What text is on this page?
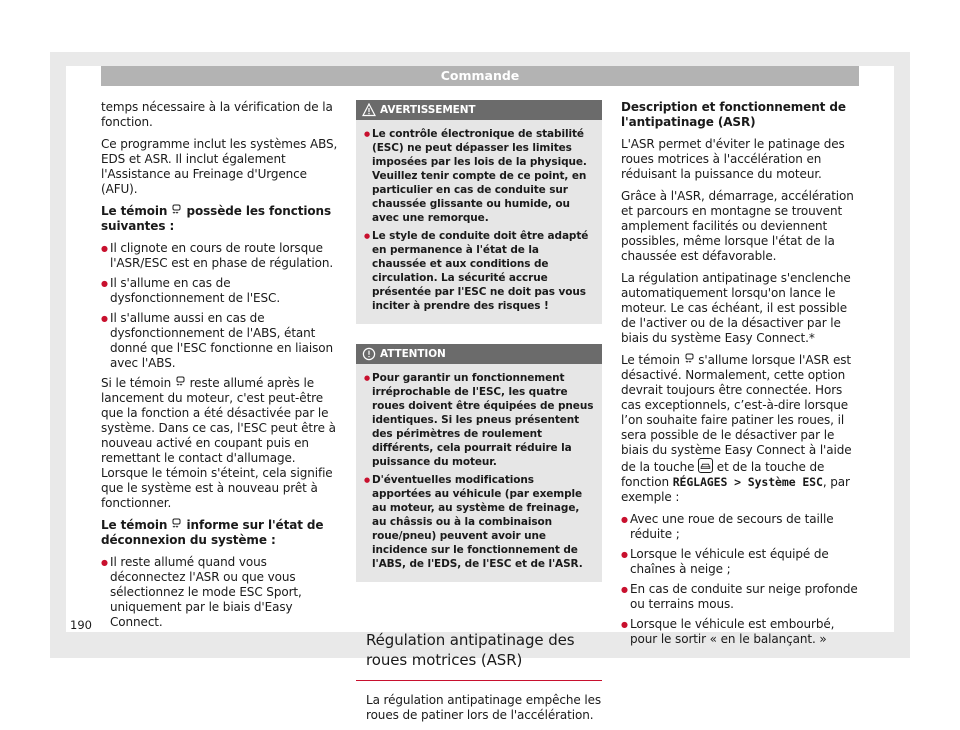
Commande

temps nécessaire à la vérification de la fonction.

Ce programme inclut les systèmes ABS, EDS et ASR. Il inclut également l'Assistance au Freinage d'Urgence (AFU).

Le témoin possède les fonctions suivantes :

● Il clignote en cours de route lorsque l'ASR/ESC est en phase de régulation.
● Il s'allume en cas de dysfonctionnement de l'ESC.
● Il s'allume aussi en cas de dysfonctionnement de l'ABS, étant donné que l'ESC fonctionne en liaison avec l'ABS.

Si le témoin reste allumé après le lancement du moteur, c'est peut-être que la fonction a été désactivée par le système. Dans ce cas, l'ESC peut être à nouveau activé en coupant puis en remettant le contact d'allumage. Lorsque le témoin s'éteint, cela signifie que le système est à nouveau prêt à fonctionner.

Le témoin informe sur l'état de déconnexion du système :

● Il reste allumé quand vous déconnectez l'ASR ou que vous sélectionnez le mode ESC Sport, uniquement par le biais d'Easy Connect.
AVERTISSEMENT
● Le contrôle électronique de stabilité (ESC) ne peut dépasser les limites imposées par les lois de la physique. Veuillez tenir compte de ce point, en particulier en cas de conduite sur chaussée glissante ou humide, ou avec une remorque.
● Le style de conduite doit être adapté en permanence à l'état de la chaussée et aux conditions de circulation. La sécurité accrue présentée par l'ESC ne doit pas vous inciter à prendre des risques !
ATTENTION
● Pour garantir un fonctionnement irréprochable de l'ESC, les quatre roues doivent être équipées de pneus identiques. Si les pneus présentent des périmètres de roulement différents, cela pourrait réduire la puissance du moteur.
● D'éventuelles modifications apportées au véhicule (par exemple au moteur, au système de freinage, au châssis ou à la combinaison roue/pneu) peuvent avoir une incidence sur le fonctionnement de l'ABS, de l'EDS, de l'ESC et de l'ASR.
Régulation antipatinage des roues motrices (ASR)

La régulation antipatinage empêche les roues de patiner lors de l'accélération.

Description et fonctionnement de l'antipatinage (ASR)

L'ASR permet d'éviter le patinage des roues motrices à l'accélération en réduisant la puissance du moteur.

Grâce à l'ASR, démarrage, accélération et parcours en montagne se trouvent amplement facilités ou deviennent possibles, même lorsque l'état de la chaussée est défavorable.

La régulation antipatinage s'enclenche automatiquement lorsqu'on lance le moteur. Le cas échéant, il est possible de l'activer ou de la désactiver par le biais du système Easy Connect.*

Le témoin s'allume lorsque l'ASR est désactivé. Normalement, cette option devrait toujours être connectée. Hors cas exceptionnels, c’est-à-dire lorsque l’on souhaite faire patiner les roues, il sera possible de le désactiver par le biais du système Easy Connect à l'aide de la touche et de la touche de fonction RÉGLAGES > Système ESC, par exemple :

● Avec une roue de secours de taille réduite ;
● Lorsque le véhicule est équipé de chaînes à neige ;
● En cas de conduite sur neige profonde ou terrains mous.
● Lorsque le véhicule est embourbé, pour le sortir « en le balançant. »
190
